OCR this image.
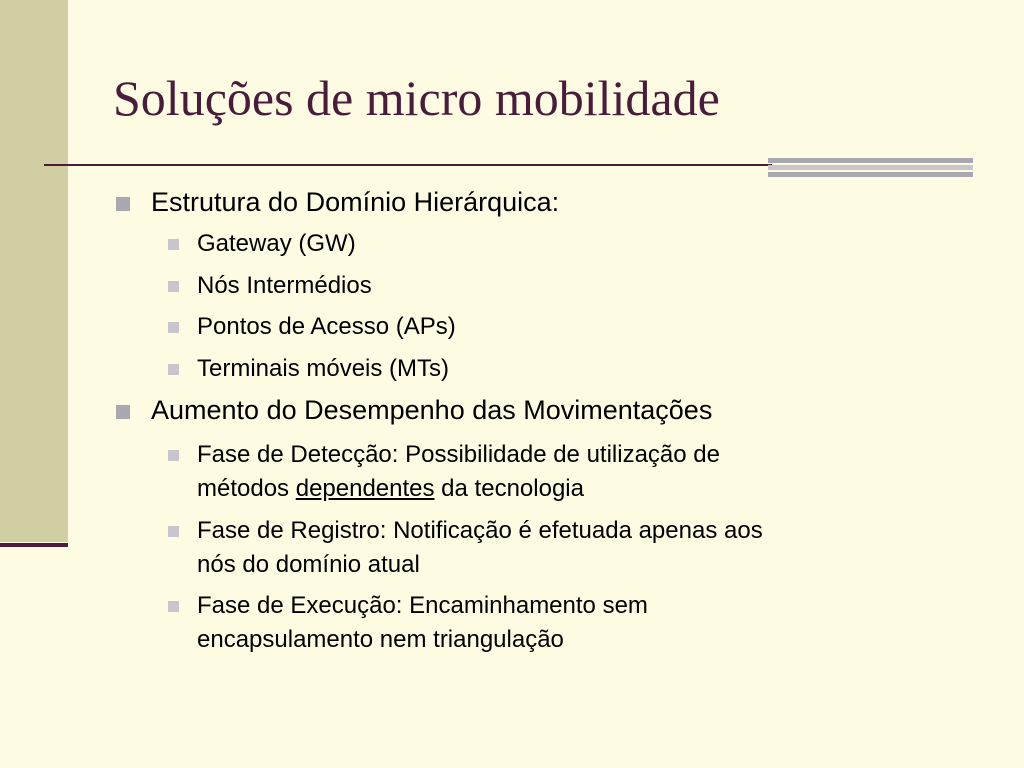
Soluções de micro mobilidade
Estrutura do Domínio Hierárquica:
Gateway (GW)
Nós Intermédios
Pontos de Acesso (APs)
Terminais móveis (MTs)
Aumento do Desempenho das Movimentações
Fase de Detecção: Possibilidade de utilização de
métodos dependentes da tecnologia
Fase de Registro: Notificação é efetuada apenas aos
nós do domínio atual
Fase de Execução: Encaminhamento sem
encapsulamento nem triangulação
